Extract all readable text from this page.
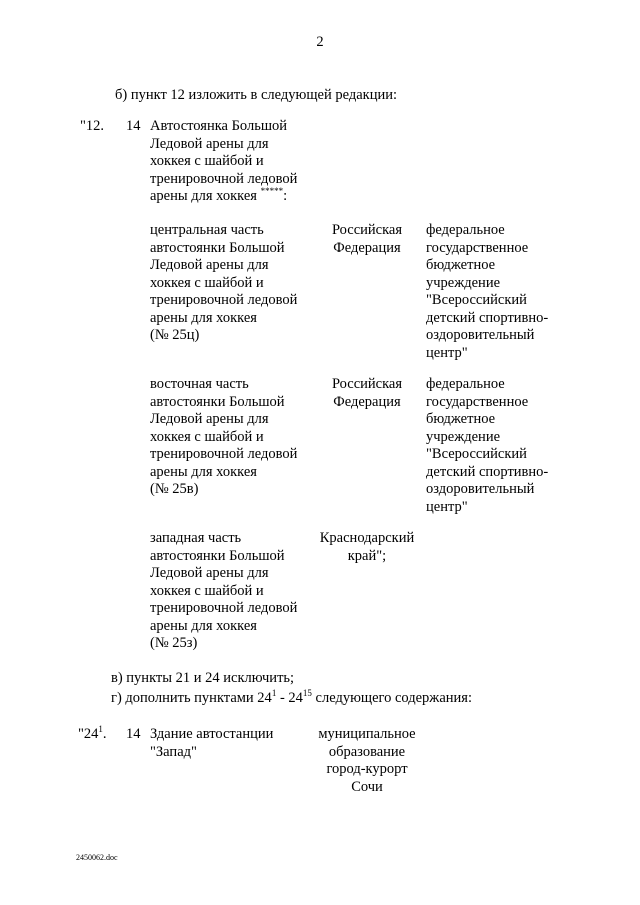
2
б) пункт 12 изложить в следующей редакции:
"12. 14 Автостоянка Большой
Ледовой арены для
хоккея с шайбой и
тренировочной ледовой
арены для хоккея *****:
центральная часть
автостоянки Большой
Ледовой арены для
хоккея с шайбой и
тренировочной ледовой
арены для хоккея
(№ 25ц)
Российская
Федерация
федеральное
государственное
бюджетное
учреждение
"Всероссийский
детский спортивно-
оздоровительный
центр"
восточная часть
автостоянки Большой
Ледовой арены для
хоккея с шайбой и
тренировочной ледовой
арены для хоккея
(№ 25в)
Российская
Федерация
федеральное
государственное
бюджетное
учреждение
"Всероссийский
детский спортивно-
оздоровительный
центр"
западная часть
автостоянки Большой
Ледовой арены для
хоккея с шайбой и
тренировочной ледовой
арены для хоккея
(№ 25з)
Краснодарский
край";
в) пункты 21 и 24 исключить;
г) дополнить пунктами $24^1 - 24^{15}$ следующего содержания:
"$24^1$. 14 Здание автостанции
"Запад"
муниципальное
образование
город-курорт
Сочи
2450062.doc
